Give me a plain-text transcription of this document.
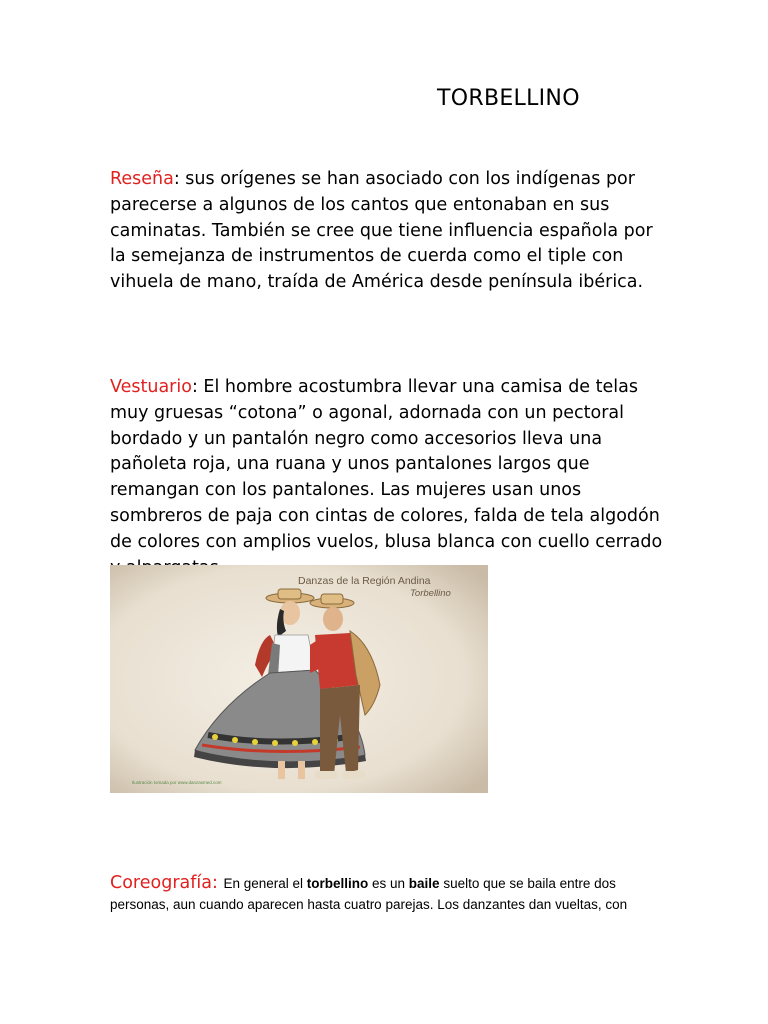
TORBELLINO
Reseña: sus orígenes se han asociado con los indígenas por parecerse a algunos de los cantos que entonaban en sus caminatas. También se cree que tiene influencia española por la semejanza de instrumentos de cuerda como el tiple con vihuela de mano, traída de América desde península ibérica.
Vestuario: El hombre acostumbra llevar una camisa de telas muy gruesas “cotona” o agonal, adornada con un pectoral bordado y un pantalón negro como accesorios lleva una pañoleta roja, una ruana y unos pantalones largos que remangan con los pantalones. Las mujeres usan unos sombreros de paja con cintas de colores, falda de tela algodón de colores con amplios vuelos, blusa blanca con cuello cerrado
Danzas de la Región Andina
Torbellino
Ilustración tomada por www.danzasmed.com
Coreografía: En general el torbellino es un baile suelto que se baila entre dos personas, aun cuando aparecen hasta cuatro parejas. Los danzantes dan vueltas, con
